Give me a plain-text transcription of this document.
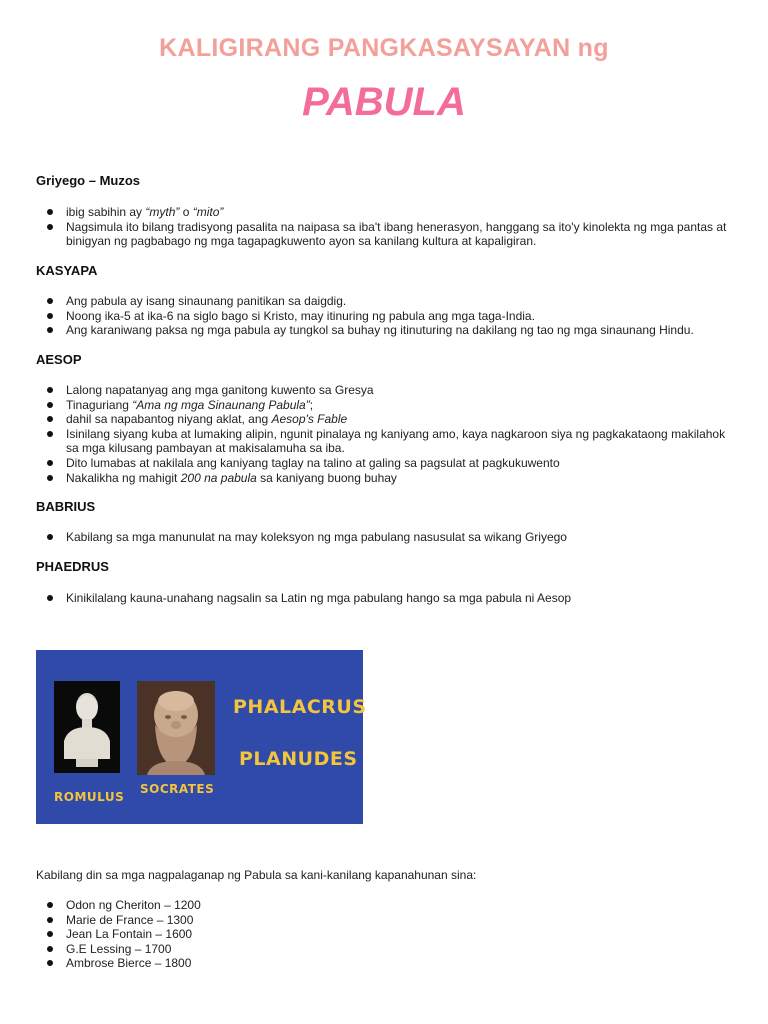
KALIGIRANG PANGKASAYSAYAN ng
PABULA
Griyego – Muzos
ibig sabihin ay “myth” o “mito”
Nagsimula ito bilang tradisyong pasalita na naipasa sa iba't ibang henerasyon, hanggang sa ito'y kinolekta ng mga pantas at binigyan ng pagbabago ng mga tagapagkuwento ayon sa kanilang kultura at kapaligiran.
KASYAPA
Ang pabula ay isang sinaunang panitikan sa daigdig.
Noong ika-5 at ika-6 na siglo bago si Kristo, may itinuring ng pabula ang mga taga-India.
Ang karaniwang paksa ng mga pabula ay tungkol sa buhay ng itinuturing na dakilang ng tao ng mga sinaunang Hindu.
AESOP
Lalong napatanyag ang mga ganitong kuwento sa Gresya
Tinaguriang “Ama ng mga Sinaunang Pabula”;
dahil sa napabantog niyang aklat, ang Aesop's Fable
Isinilang siyang kuba at lumaking alipin, ngunit pinalaya ng kaniyang amo, kaya nagkaroon siya ng pagkakataong makilahok sa mga kilusang pambayan at makisalamuha sa iba.
Dito lumabas at nakilala ang kaniyang taglay na talino at galing sa pagsulat at pagkukuwento
Nakalikha ng mahigit 200 na pabula sa kaniyang buong buhay
BABRIUS
Kabilang sa mga manunulat na may koleksyon ng mga pabulang nasusulat sa wikang Griyego
PHAEDRUS
Kinikilalang kauna-unahang nagsalin sa Latin ng mga pabulang hango sa mga pabula ni Aesop
ROMULUS
SOCRATES
PHALACRUS
PLANUDES
Kabilang din sa mga nagpalaganap ng Pabula sa kani-kanilang kapanahunan sina:
Odon ng Cheriton – 1200
Marie de France – 1300
Jean La Fontain – 1600
G.E Lessing – 1700
Ambrose Bierce – 1800
